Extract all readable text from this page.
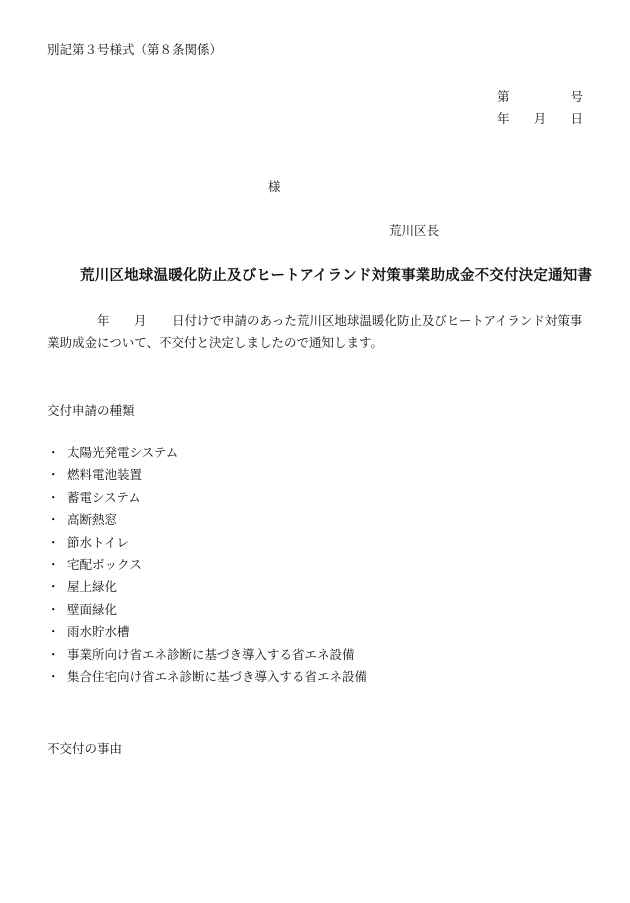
別記第３号様式（第８条関係）
第	号
年 月 日
様
荒川区長
荒川区地球温暖化防止及びヒートアイランド対策事業助成金不交付決定通知書
年 月 日付けで申請のあった荒川区地球温暖化防止及びヒートアイランド対策事
業助成金について、不交付と決定しましたので通知します。
交付申請の種類
・ 太陽光発電システム
・ 燃料電池装置
・ 蓄電システム
・ 高断熱窓
・ 節水トイレ
・ 宅配ボックス
・ 屋上緑化
・ 壁面緑化
・ 雨水貯水槽
・ 事業所向け省エネ診断に基づき導入する省エネ設備
・ 集合住宅向け省エネ診断に基づき導入する省エネ設備
不交付の事由
